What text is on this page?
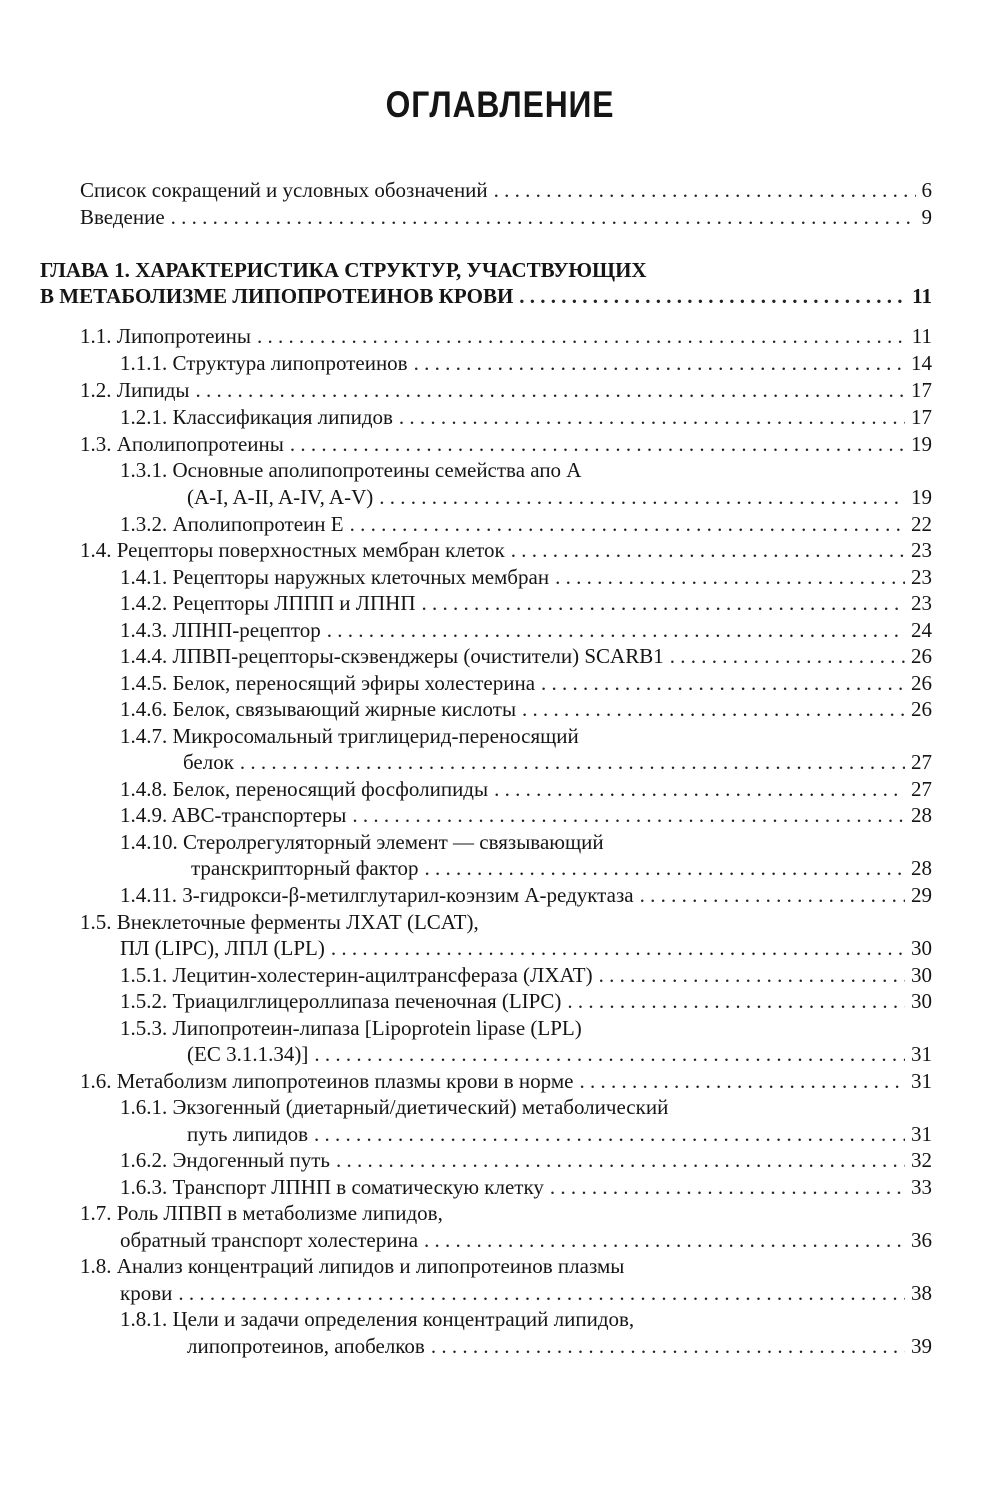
ОГЛАВЛЕНИЕ
Список сокращений и условных обозначений . . .	6
Введение . . .	9
ГЛАВА 1. ХАРАКТЕРИСТИКА СТРУКТУР, УЧАСТВУЮЩИХ
В МЕТАБОЛИЗМЕ ЛИПОПРОТЕИНОВ КРОВИ . . .	11
1.1. Липопротеины . . .	11
1.1.1. Структура липопротеинов . . .	14
1.2. Липиды . . .	17
1.2.1. Классификация липидов . . .	17
1.3. Аполипопротеины . . .	19
1.3.1. Основные аполипопротеины семейства апо А
(A-I, A-II, A-IV, A-V) . . .	19
1.3.2. Аполипопротеин Е . . .	22
1.4. Рецепторы поверхностных мембран клеток . . .	23
1.4.1. Рецепторы наружных клеточных мембран . . .	23
1.4.2. Рецепторы ЛППП и ЛПНП . . .	23
1.4.3. ЛПНП-рецептор . . .	24
1.4.4. ЛПВП-рецепторы-скэвенджеры (очистители) SCARB1 . . .	26
1.4.5. Белок, переносящий эфиры холестерина . . .	26
1.4.6. Белок, связывающий жирные кислоты . . .	26
1.4.7. Микросомальный триглицерид-переносящий
белок . . .	27
1.4.8. Белок, переносящий фосфолипиды . . .	27
1.4.9. ABC-транспортеры . . .	28
1.4.10. Стеролрегуляторный элемент — связывающий
транскрипторный фактор . . .	28
1.4.11. 3-гидрокси-β-метилглутарил-коэнзим А-редуктаза . . .	29
1.5. Внеклеточные ферменты ЛХАТ (LCAT),
ПЛ (LIPC), ЛПЛ (LPL) . . .	30
1.5.1. Лецитин-холестерин-ацилтрансфераза (ЛХАТ) . . .	30
1.5.2. Триацилглицероллипаза печеночная (LIPC) . . .	30
1.5.3. Липопротеин-липаза [Lipoprotein lipase (LPL)
(EC 3.1.1.34)] . . .	31
1.6. Метаболизм липопротеинов плазмы крови в норме . . .	31
1.6.1. Экзогенный (диетарный/диетический) метаболический
путь липидов . . .	31
1.6.2. Эндогенный путь . . .	32
1.6.3. Транспорт ЛПНП в соматическую клетку . . .	33
1.7. Роль ЛПВП в метаболизме липидов,
обратный транспорт холестерина . . .	36
1.8. Анализ концентраций липидов и липопротеинов плазмы
крови . . .	38
1.8.1. Цели и задачи определения концентраций липидов,
липопротеинов, апобелков . . .	39
